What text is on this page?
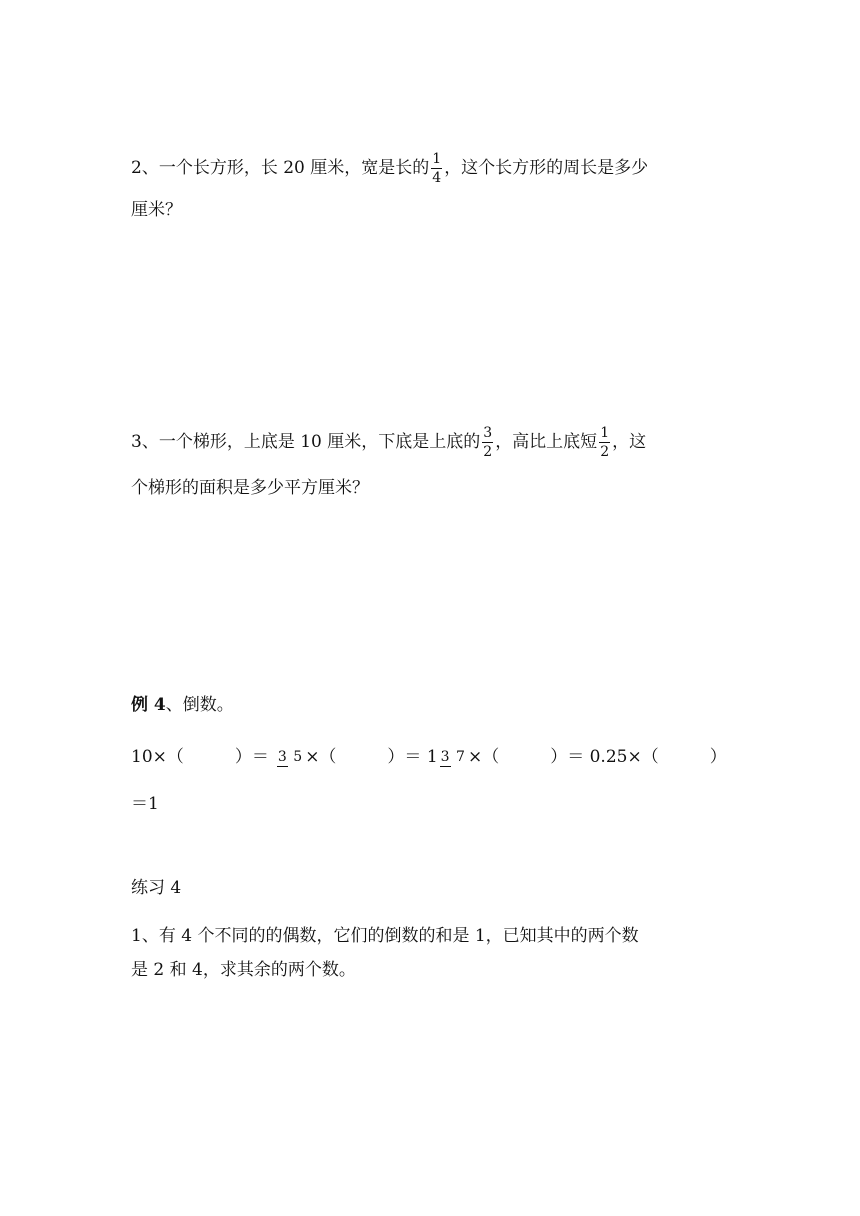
2、一个长方形，长 20 厘米，宽是长的 $\frac{1}{4}$ ，这个长方形的周长是多少
厘米？
3、一个梯形，上底是 10 厘米，下底是上底的 $\frac{3}{2}$ ，高比上底短 $\frac{1}{2}$ ，这
个梯形的面积是多少平方厘米？
例 4 、倒数。
10×（　　　）＝ 3 5 ×（　　　）＝ 1 3 7 ×（　　　）＝ 0.25×（　　　）
＝1
练习 4
1、有 4 个不同的的偶数，它们的倒数的和是 1，已知其中的两个数
是 2 和 4，求其余的两个数。
